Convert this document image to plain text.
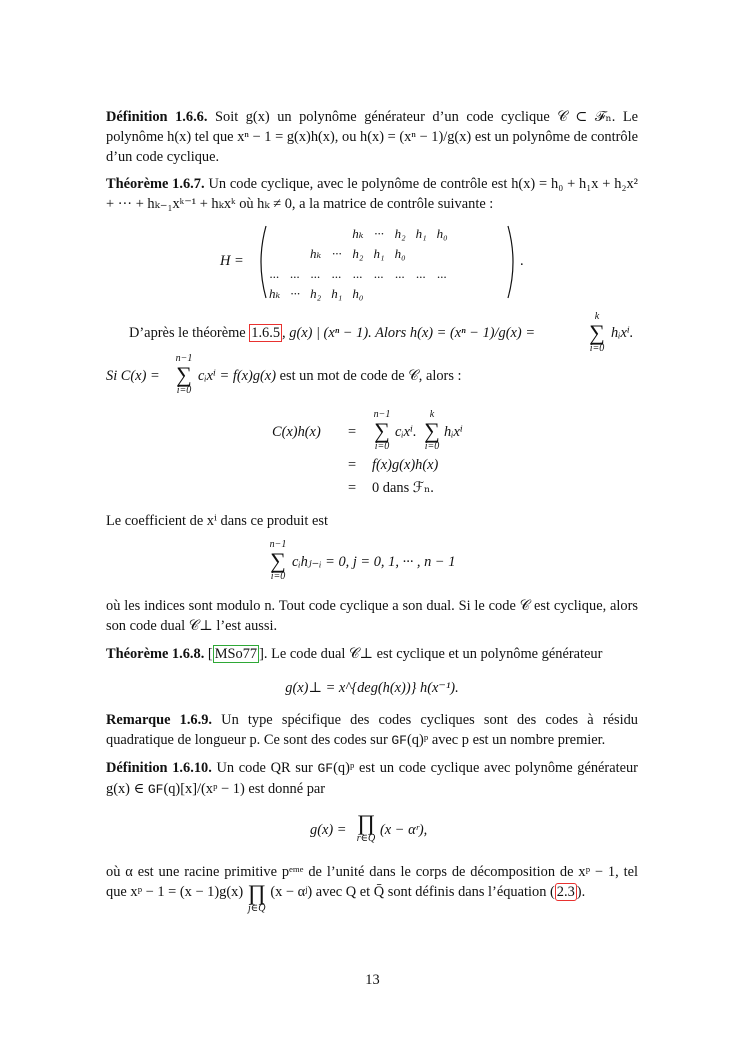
Définition 1.6.6. Soit g(x) un polynôme générateur d’un code cyclique 𝒞 ⊂ ℱₙ. Le polynôme h(x) tel que xⁿ − 1 = g(x)h(x), ou h(x) = (xⁿ − 1)/g(x) est un polynôme de contrôle d’un code cyclique.
Théorème 1.6.7. Un code cyclique, avec le polynôme de contrôle est h(x) = h₀ + h₁x + h₂x² + ··· + hₖ₋₁xᵏ⁻¹ + hₖxᵏ où hₖ ≠ 0, a la matrice de contrôle suivante :
H =
				hₖ	···	h₂	h₁	h₀
		hₖ	···	h₂	h₁	h₀		
...	...	...	...	...	...	...	...	...
hₖ	···	h₂	h₁	h₀				
.
D’après le théorème 1.6.5 , g(x) | (xⁿ − 1). Alors h(x) = (xⁿ − 1)/g(x) =
k
∑
i=0
hᵢxⁱ.
Si C(x) =
n−1
∑
i=0
cᵢxⁱ = f(x)g(x) est un mot de code de 𝒞, alors :
C(x)h(x) =
n−1
∑
i=0
cᵢxⁱ.
k
∑
i=0
hᵢxⁱ
= f(x)g(x)h(x)
= 0 dans ℱₙ.
Le coefficient de xⁱ dans ce produit est
n−1
∑
i=0
cᵢhⱼ₋ᵢ = 0, j = 0, 1, ··· , n − 1
où les indices sont modulo n. Tout code cyclique a son dual. Si le code 𝒞 est cyclique, alors son code dual 𝒞⊥ l’est aussi.
Théorème 1.6.8. [ MSo77 ]. Le code dual 𝒞⊥ est cyclique et un polynôme générateur
g(x)⊥ = x^{deg(h(x))} h(x⁻¹).
Remarque 1.6.9. Un type spécifique des codes cycliques sont des codes à résidu quadratique de longueur p. Ce sont des codes sur GF(q)ᵖ avec p est un nombre premier.
Définition 1.6.10. Un code QR sur GF(q)ᵖ est un code cyclique avec polynôme générateur g(x) ∈ GF(q)[x]/(xᵖ − 1) est donné par
g(x) = ∏
r∈Q
(x − αʳ),
où α est une racine primitive pᵉᵐᵉ de l’unité dans le corps de décomposition de xᵖ − 1, tel que xᵖ − 1 = (x − 1)g(x) ∏
j∈Q̄
(x − αʲ) avec Q et Q̄ sont définis dans l’équation ( 2.3 ).
13
